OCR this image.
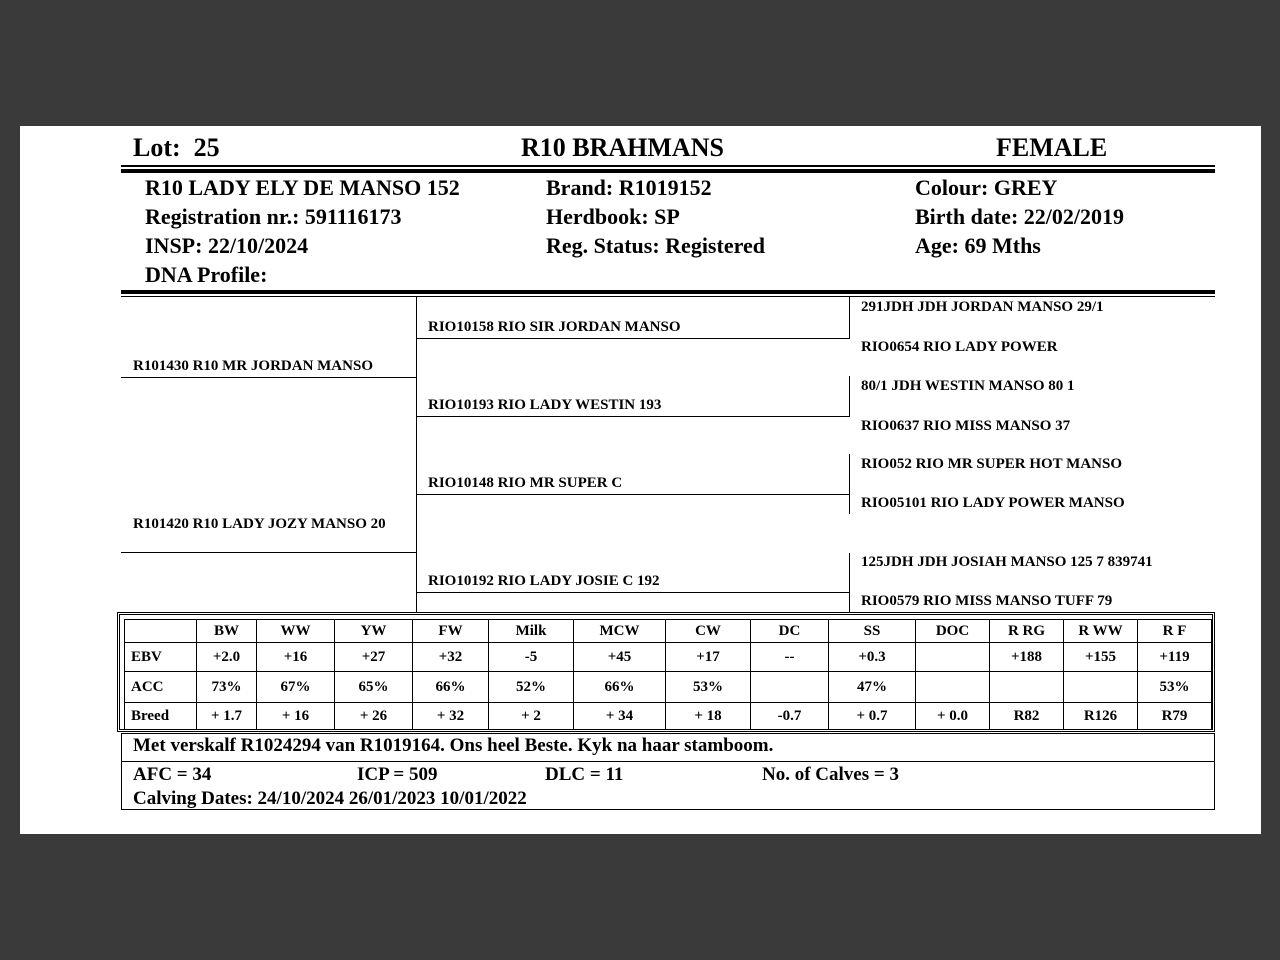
Lot: 25	R10 BRAHMANS	FEMALE
R10 LADY ELY DE MANSO 152
Registration nr.: 591116173
INSP: 22/10/2024
DNA Profile:
Brand: R1019152
Herdbook: SP
Reg. Status: Registered
Colour: GREY
Birth date: 22/02/2019
Age: 69 Mths
R101430 R10 MR JORDAN MANSO
R101420 R10 LADY JOZY MANSO 20
RIO10158 RIO SIR JORDAN MANSO
RIO10193 RIO LADY WESTIN 193
RIO10148 RIO MR SUPER C
RIO10192 RIO LADY JOSIE C 192
291JDH JDH JORDAN MANSO 29/1
RIO0654 RIO LADY POWER
80/1 JDH WESTIN MANSO 80 1
RIO0637 RIO MISS MANSO 37
RIO052 RIO MR SUPER HOT MANSO
RIO05101 RIO LADY POWER MANSO
125JDH JDH JOSIAH MANSO 125 7 839741
RIO0579 RIO MISS MANSO TUFF 79
	BW	WW	YW	FW	Milk	MCW	CW	DC	SS	DOC	R RG	R WW	R F
EBV	+2.0	+16	+27	+32	-5	+45	+17	--	+0.3		+188	+155	+119
ACC	73%	67%	65%	66%	52%	66%	53%		47%				53%
Breed	+ 1.7	+ 16	+ 26	+ 32	+ 2	+ 34	+ 18	-0.7	+ 0.7	+ 0.0	R82	R126	R79
Met verskalf R1024294 van R1019164. Ons heel Beste. Kyk na haar stamboom.
AFC = 34	ICP = 509	DLC = 11	No. of Calves = 3
Calving Dates: 24/10/2024 26/01/2023 10/01/2022
